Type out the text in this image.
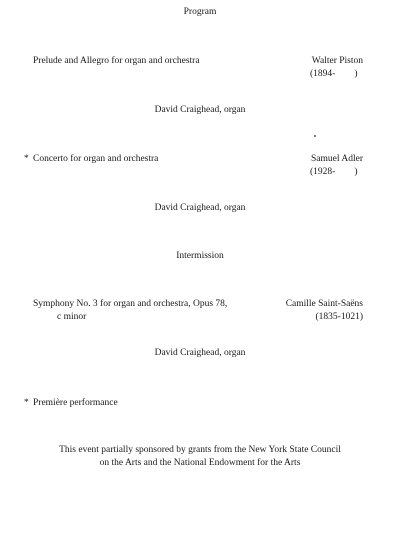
Program
Prelude and Allegro for organ and orchestra	Walter Piston
(1894-        )
David Craighead, organ
* Concerto for organ and orchestra	Samuel Adler
(1928-        )
David Craighead, organ
Intermission
Symphony No. 3 for organ and orchestra, Opus 78,
c minor
Camille Saint-Saëns
(1835-1021)
David Craighead, organ
* Première performance
This event partially sponsored by grants from the New York State Council
on the Arts and the National Endowment for the Arts
